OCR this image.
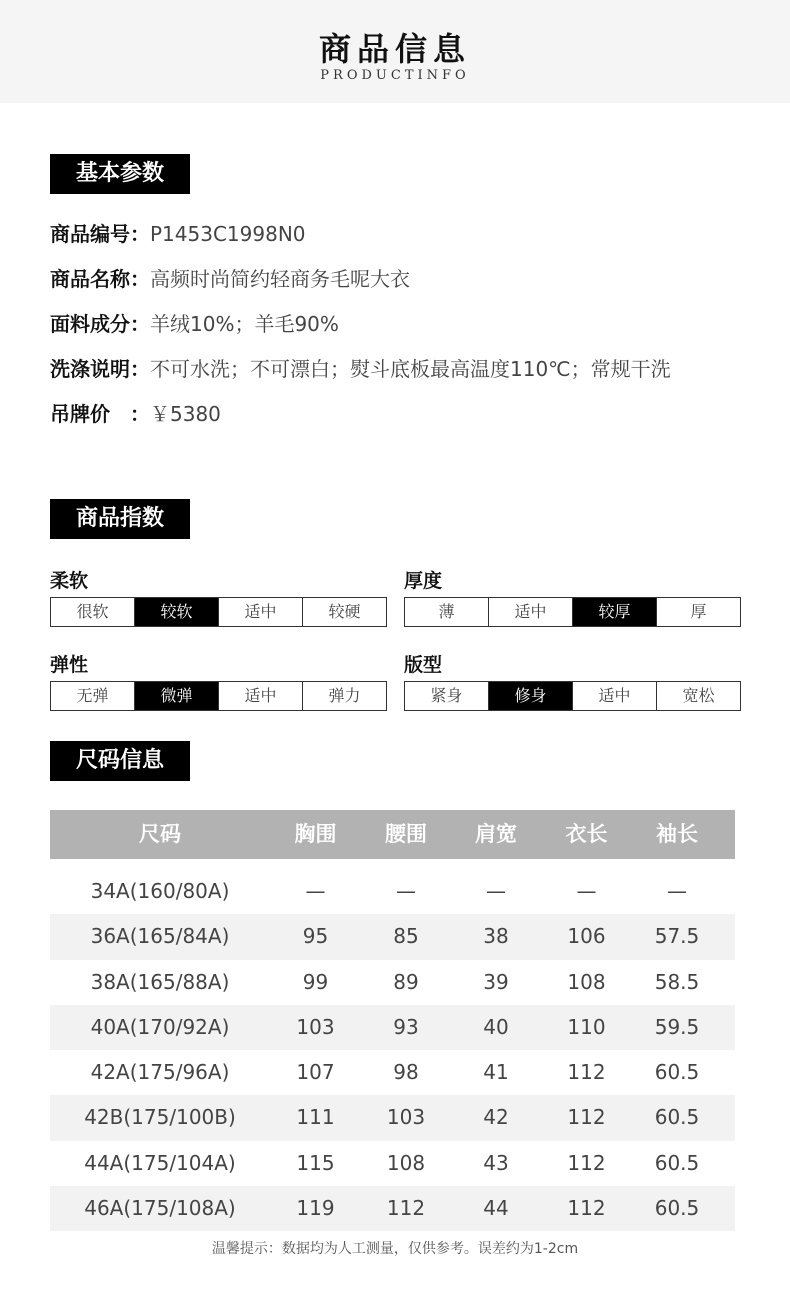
商品信息
PRODUCTINFO
基本参数
商品编号：P1453C1998N0
商品名称：高频时尚简约轻商务毛呢大衣
面料成分：羊绒10%；羊毛90%
洗涤说明：不可水洗；不可漂白；熨斗底板最高温度110℃；常规干洗
吊牌价　：￥5380
商品指数
柔软
很软	较软	适中	较硬
厚度
薄	适中	较厚	厚
弹性
无弹	微弹	适中	弹力
版型
紧身	修身	适中	宽松
尺码信息
尺码	胸围	腰围	肩宽	衣长	袖长
34A(160/80A)	—	—	—	—	—
36A(165/84A)	95	85	38	106	57.5
38A(165/88A)	99	89	39	108	58.5
40A(170/92A)	103	93	40	110	59.5
42A(175/96A)	107	98	41	112	60.5
42B(175/100B)	111	103	42	112	60.5
44A(175/104A)	115	108	43	112	60.5
46A(175/108A)	119	112	44	112	60.5
温馨提示：数据均为人工测量，仅供参考。误差约为1-2cm
